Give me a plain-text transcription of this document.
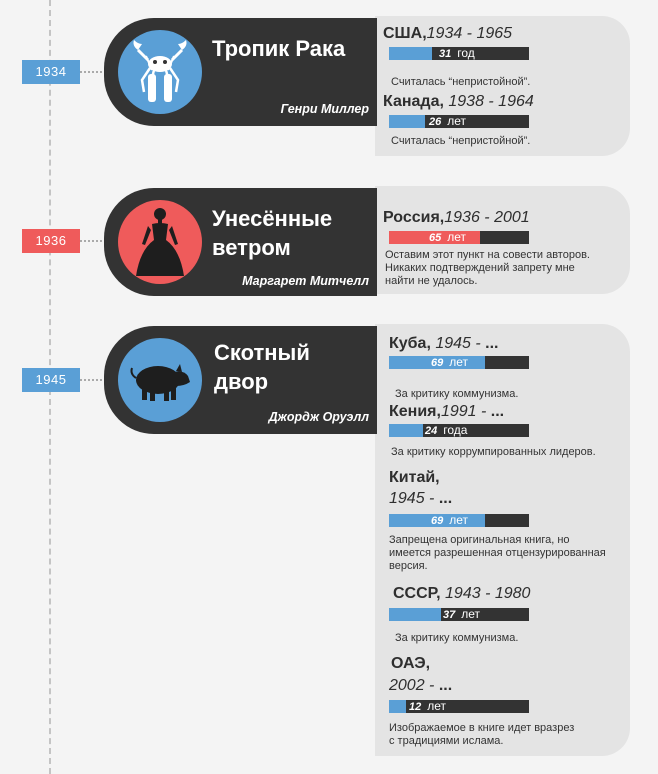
1934
США,1934 - 1965
31 год
Считалась “непристойной”.
Канада, 1938 - 1964
26 лет
Считалась “непристойной”.
Тропик Рака
Генри Миллер
1936
Россия,1936 - 2001
65 лет
Оставим этот пункт на совести авторов.
Никаких подтверждений запрету мне
найти не удалось.
Унесённые
ветром
Маргарет Митчелл
1945
Куба, 1945 - ...
69 лет
За критику коммунизма.
Кения,1991 - ...
24 года
За критику коррумпированных лидеров.
Китай,
1945 - ...
69 лет
Запрещена оригинальная книга, но
имеется разрешенная отцензурированная
версия.
СССР, 1943 - 1980
37 лет
За критику коммунизма.
ОАЭ,
2002 - ...
12 лет
Изображаемое в книге идет вразрез
с традициями ислама.
Скотный
двор
Джордж Оруэлл
